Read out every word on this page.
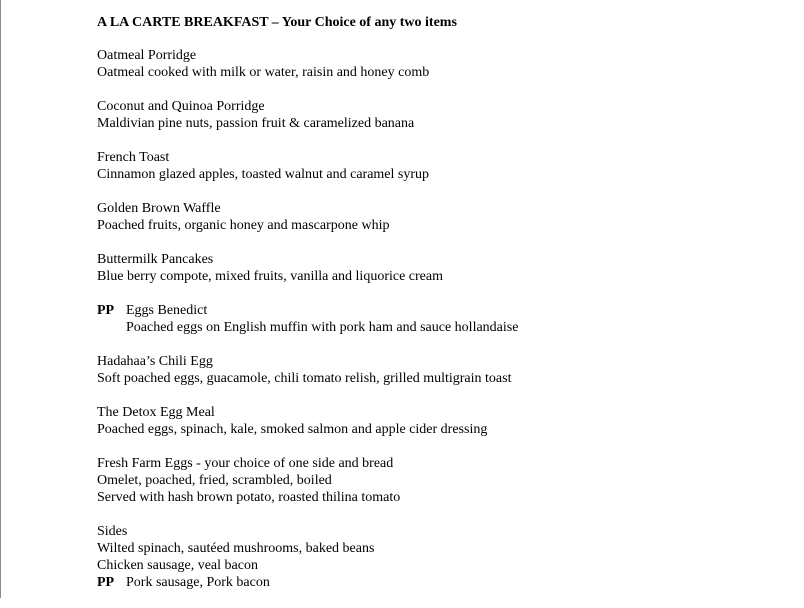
A LA CARTE BREAKFAST – Your Choice of any two items
Oatmeal Porridge
Oatmeal cooked with milk or water, raisin and honey comb
Coconut and Quinoa Porridge
Maldivian pine nuts, passion fruit & caramelized banana
French Toast
Cinnamon glazed apples, toasted walnut and caramel syrup
Golden Brown Waffle
Poached fruits, organic honey and mascarpone whip
Buttermilk Pancakes
Blue berry compote, mixed fruits, vanilla and liquorice cream
PP Eggs Benedict
Poached eggs on English muffin with pork ham and sauce hollandaise
Hadahaa’s Chili Egg
Soft poached eggs, guacamole, chili tomato relish, grilled multigrain toast
The Detox Egg Meal
Poached eggs, spinach, kale, smoked salmon and apple cider dressing
Fresh Farm Eggs - your choice of one side and bread
Omelet, poached, fried, scrambled, boiled
Served with hash brown potato, roasted thilina tomato
Sides
Wilted spinach, sautéed mushrooms, baked beans
Chicken sausage, veal bacon
PP Pork sausage, Pork bacon
